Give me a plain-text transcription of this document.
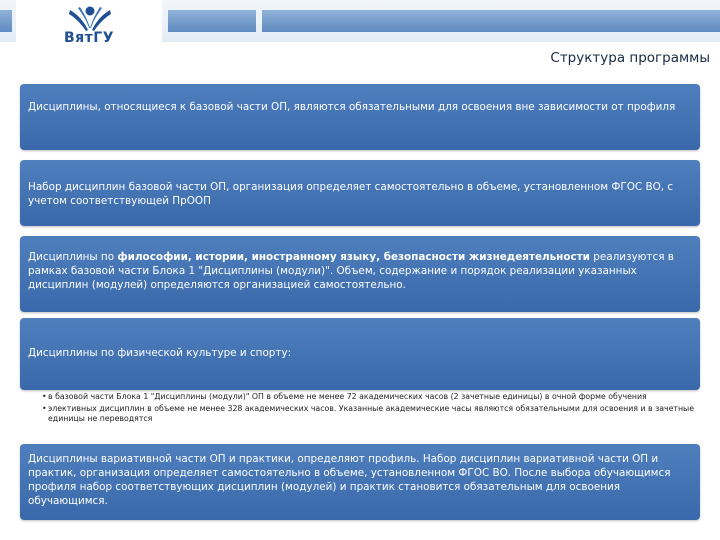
ВятГУ
Структура программы
Дисциплины, относящиеся к базовой части ОП, являются обязательными для освоения вне зависимости от профиля
Набор дисциплин базовой части ОП, организация определяет самостоятельно в объеме, установленном ФГОС ВО, с учетом соответствующей ПрООП
Дисциплины по философии, истории, иностранному языку, безопасности жизнедеятельности реализуются в рамках базовой части Блока 1 "Дисциплины (модули)". Объем, содержание и порядок реализации указанных дисциплин (модулей) определяются организацией самостоятельно.
Дисциплины по физической культуре и спорту:
• в базовой части Блока 1 "Дисциплины (модули)" ОП в объеме не менее 72 академических часов (2 зачетные единицы) в очной форме обучения
• элективных дисциплин в объеме не менее 328 академических часов. Указанные академические часы являются обязательными для освоения и в зачетные единицы не переводятся
Дисциплины вариативной части ОП и практики, определяют профиль. Набор дисциплин вариативной части ОП и практик, организация определяет самостоятельно в объеме, установленном ФГОС ВО. После выбора обучающимся профиля набор соответствующих дисциплин (модулей) и практик становится обязательным для освоения обучающимся.
